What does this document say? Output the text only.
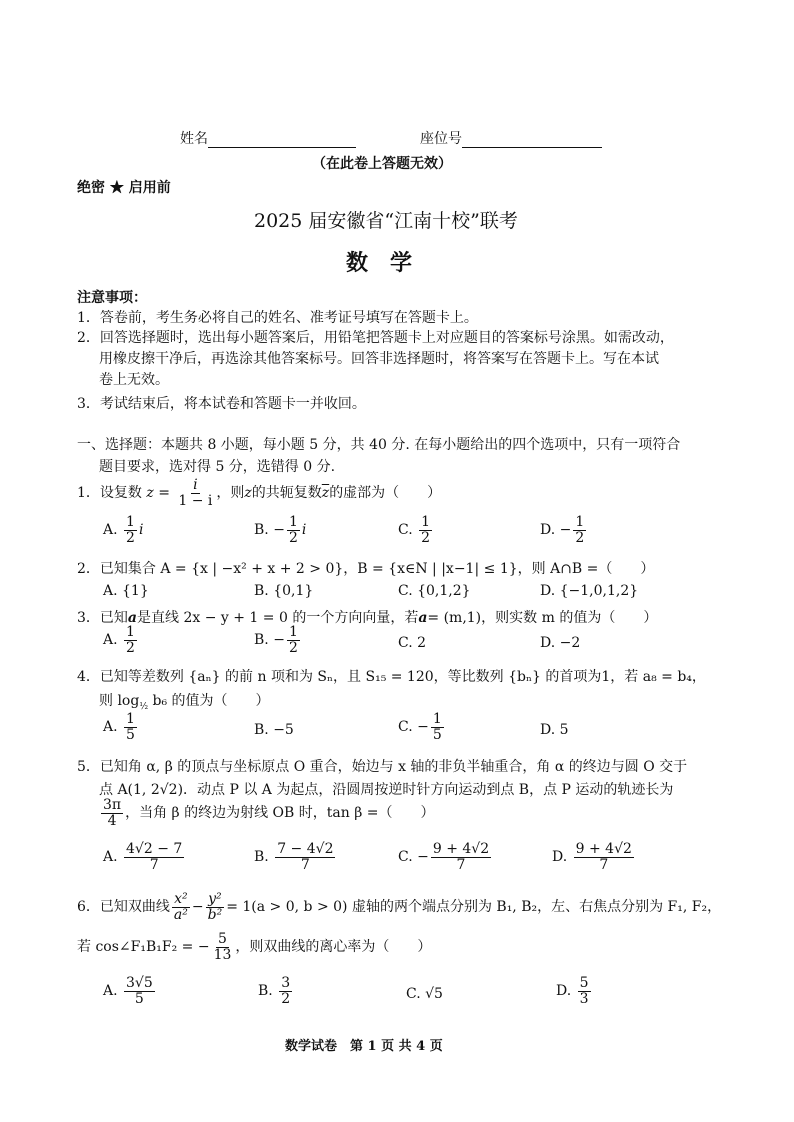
姓名	座位号
（在此卷上答题无效）
绝密 ★ 启用前
2025 届安徽省“江南十校”联考
数　学
注意事项：
1．答卷前，考生务必将自己的姓名、准考证号填写在答题卡上。
2．回答选择题时，选出每小题答案后，用铅笔把答题卡上对应题目的答案标号涂黑。如需改动，
用橡皮擦干净后，再选涂其他答案标号。回答非选择题时，将答案写在答题卡上。写在本试
卷上无效。
3．考试结束后，将本试卷和答题卡一并收回。
一、选择题：本题共 8 小题，每小题 5 分，共 40 分. 在每小题给出的四个选项中，只有一项符合
题目要求，选对得 5 分，选错得 0 分.
1．设复数 $z = \frac{i}{1 - i}$ ，则z的共轭复数$\overline{z}$的虚部为（　　）
A. $\frac{1}{2}$ i	B. − $\frac{1}{2}$ i	C. $\frac{1}{2}$	D. − $\frac{1}{2}$
2．已知集合 A = {x | −x² + x + 2 > 0}，B = {x∈N | |x−1| ≤ 1}，则 A∩B =（　　）
A. {1}	B. {0,1}	C. {0,1,2}	D. {−1,0,1,2}
3．已知a是直线 2x − y + 1 = 0 的一个方向向量，若a= (m,1)，则实数 m 的值为（　　）
A. $\frac{1}{2}$	B. − $\frac{1}{2}$	C. 2	D. −2
4．已知等差数列 {aₙ} 的前 n 项和为 Sₙ，且 S₁₅ = 120，等比数列 {bₙ} 的首项为1，若 a₈ = b₄，
则 $\log_{\frac{1}{2}} b_6$ 的值为（　　）
A. $\frac{1}{5}$	B. −5	C. − $\frac{1}{5}$	D. 5
5．已知角 α, β 的顶点与坐标原点 O 重合，始边与 x 轴的非负半轴重合，角 α 的终边与圆 O 交于
点 A(1, 2√2)．动点 P 以 A 为起点，沿圆周按逆时针方向运动到点 B，点 P 运动的轨迹长为
$\frac{3\pi}{4}$ ，当角 β 的终边为射线 OB 时，tan β =（　　）
A. $\frac{4√2 - 7}{7}$	B. $\frac{7 - 4√2}{7}$	C. − $\frac{9 + 4√2}{7}$	D. $\frac{9 + 4√2}{7}$
6．已知双曲线 $\frac{\text{x²}}{\text{a²}} - \frac{\text{y²}}{\text{b²}} = 1(a > 0$, b > 0) 虚轴的两个端点分别为 B₁, B₂，左、右焦点分别为 F₁, F₂，
若 cos∠F₁B₁F₂ = − $\frac{5}{13}$ ，则双曲线的离心率为（　　）
A. $\frac{3√5}{5}$	B. $\frac{3}{2}$	C. √5	D. $\frac{5}{3}$
数学试卷　第 1 页 共 4 页
